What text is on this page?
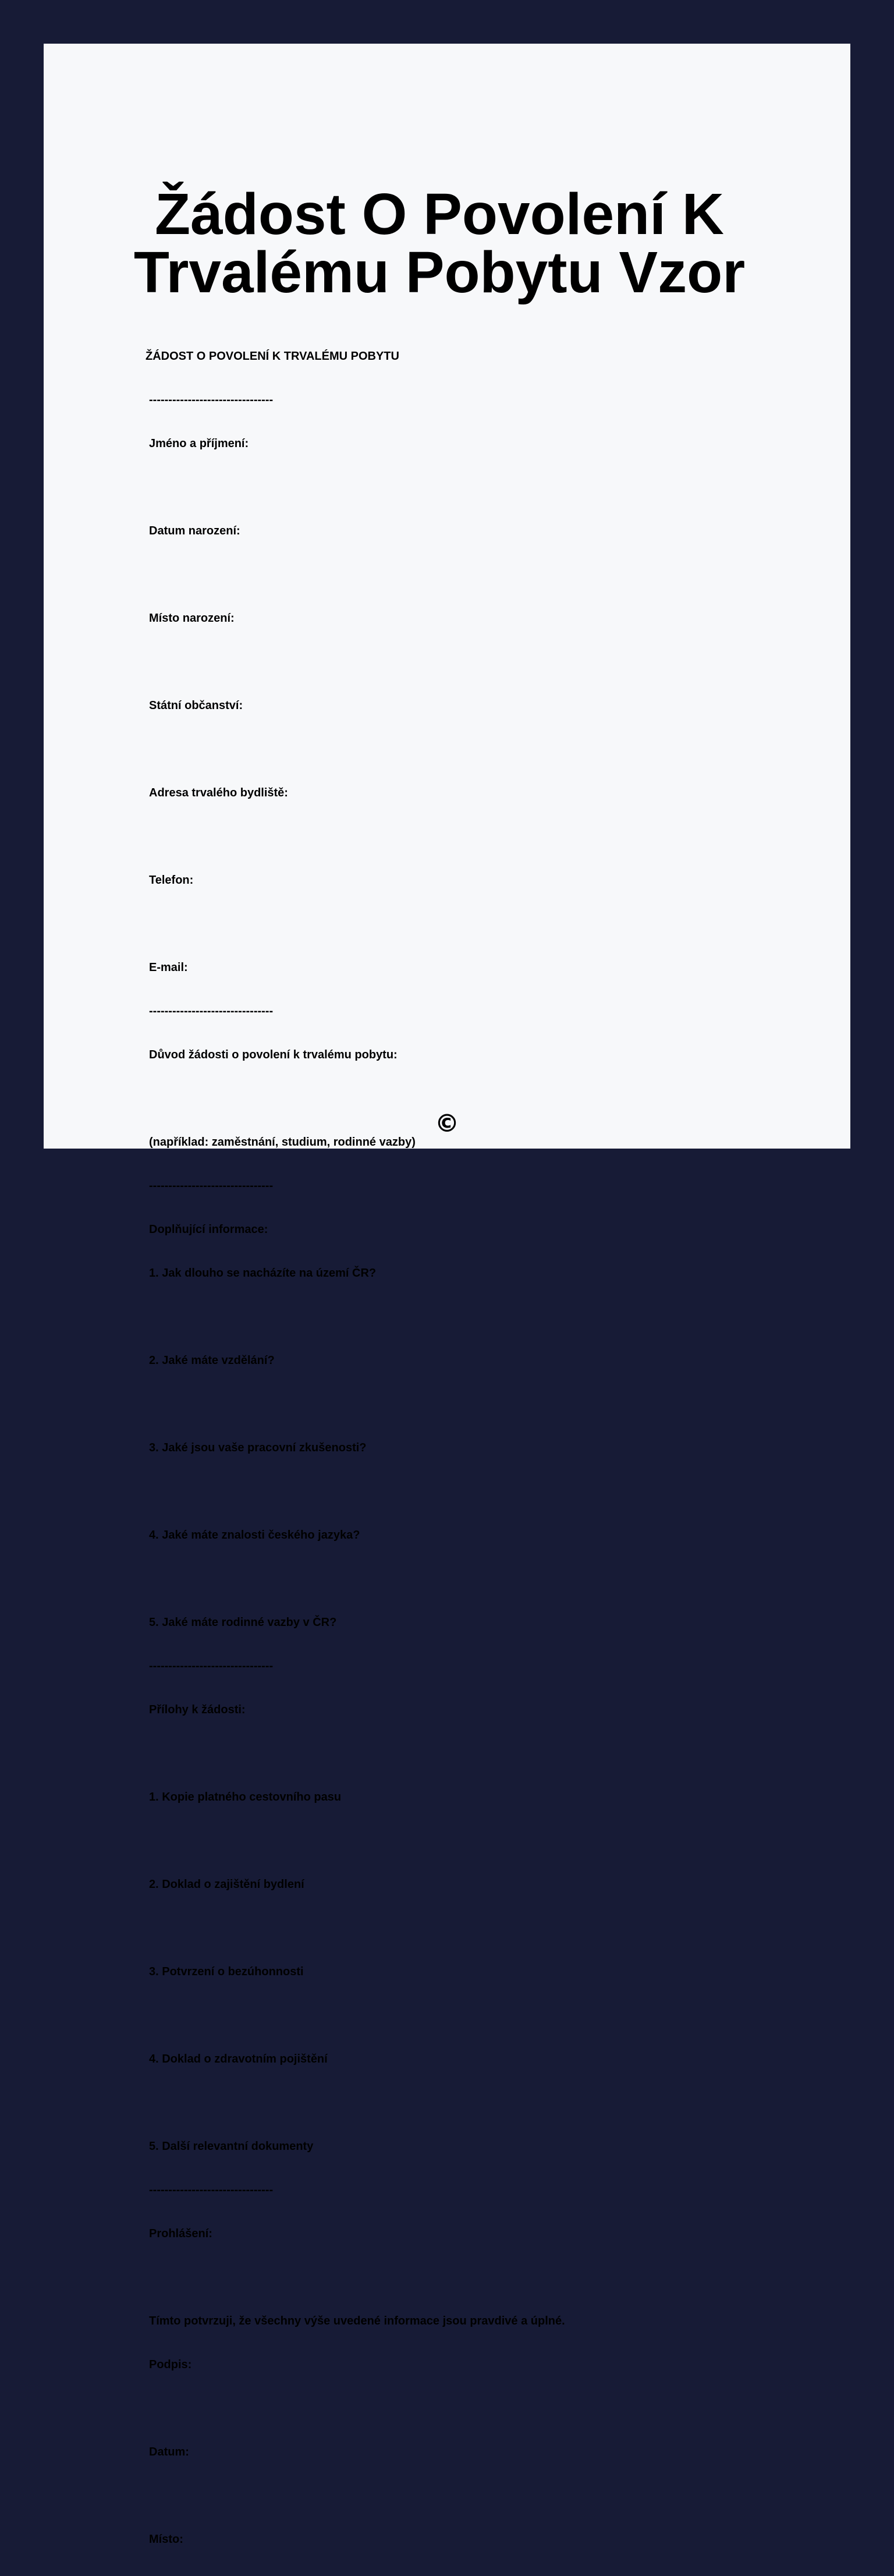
Žádost O Povolení K
Trvalému Pobytu Vzor

ŽÁDOST O POVOLENÍ K TRVALÉMU POBYTU

--------------------------------

Jméno a příjmení:

Datum narození:

Místo narození:

Státní občanství:

Adresa trvalého bydliště:

Telefon:

E-mail:

--------------------------------

Důvod žádosti o povolení k trvalému pobytu:

(například: zaměstnání, studium, rodinné vazby)

--------------------------------

Doplňující informace:

1. Jak dlouho se nacházíte na území ČR?

2. Jaké máte vzdělání?

3. Jaké jsou vaše pracovní zkušenosti?

4. Jaké máte znalosti českého jazyka?

5. Jaké máte rodinné vazby v ČR?

--------------------------------

Přílohy k žádosti:

1. Kopie platného cestovního pasu

2. Doklad o zajištění bydlení

3. Potvrzení o bezúhonnosti

4. Doklad o zdravotním pojištění

5. Další relevantní dokumenty

--------------------------------

Prohlášení:

Tímto potvrzuji, že všechny výše uvedené informace jsou pravdivé a úplné.

Podpis:

Datum:

Místo:

©
